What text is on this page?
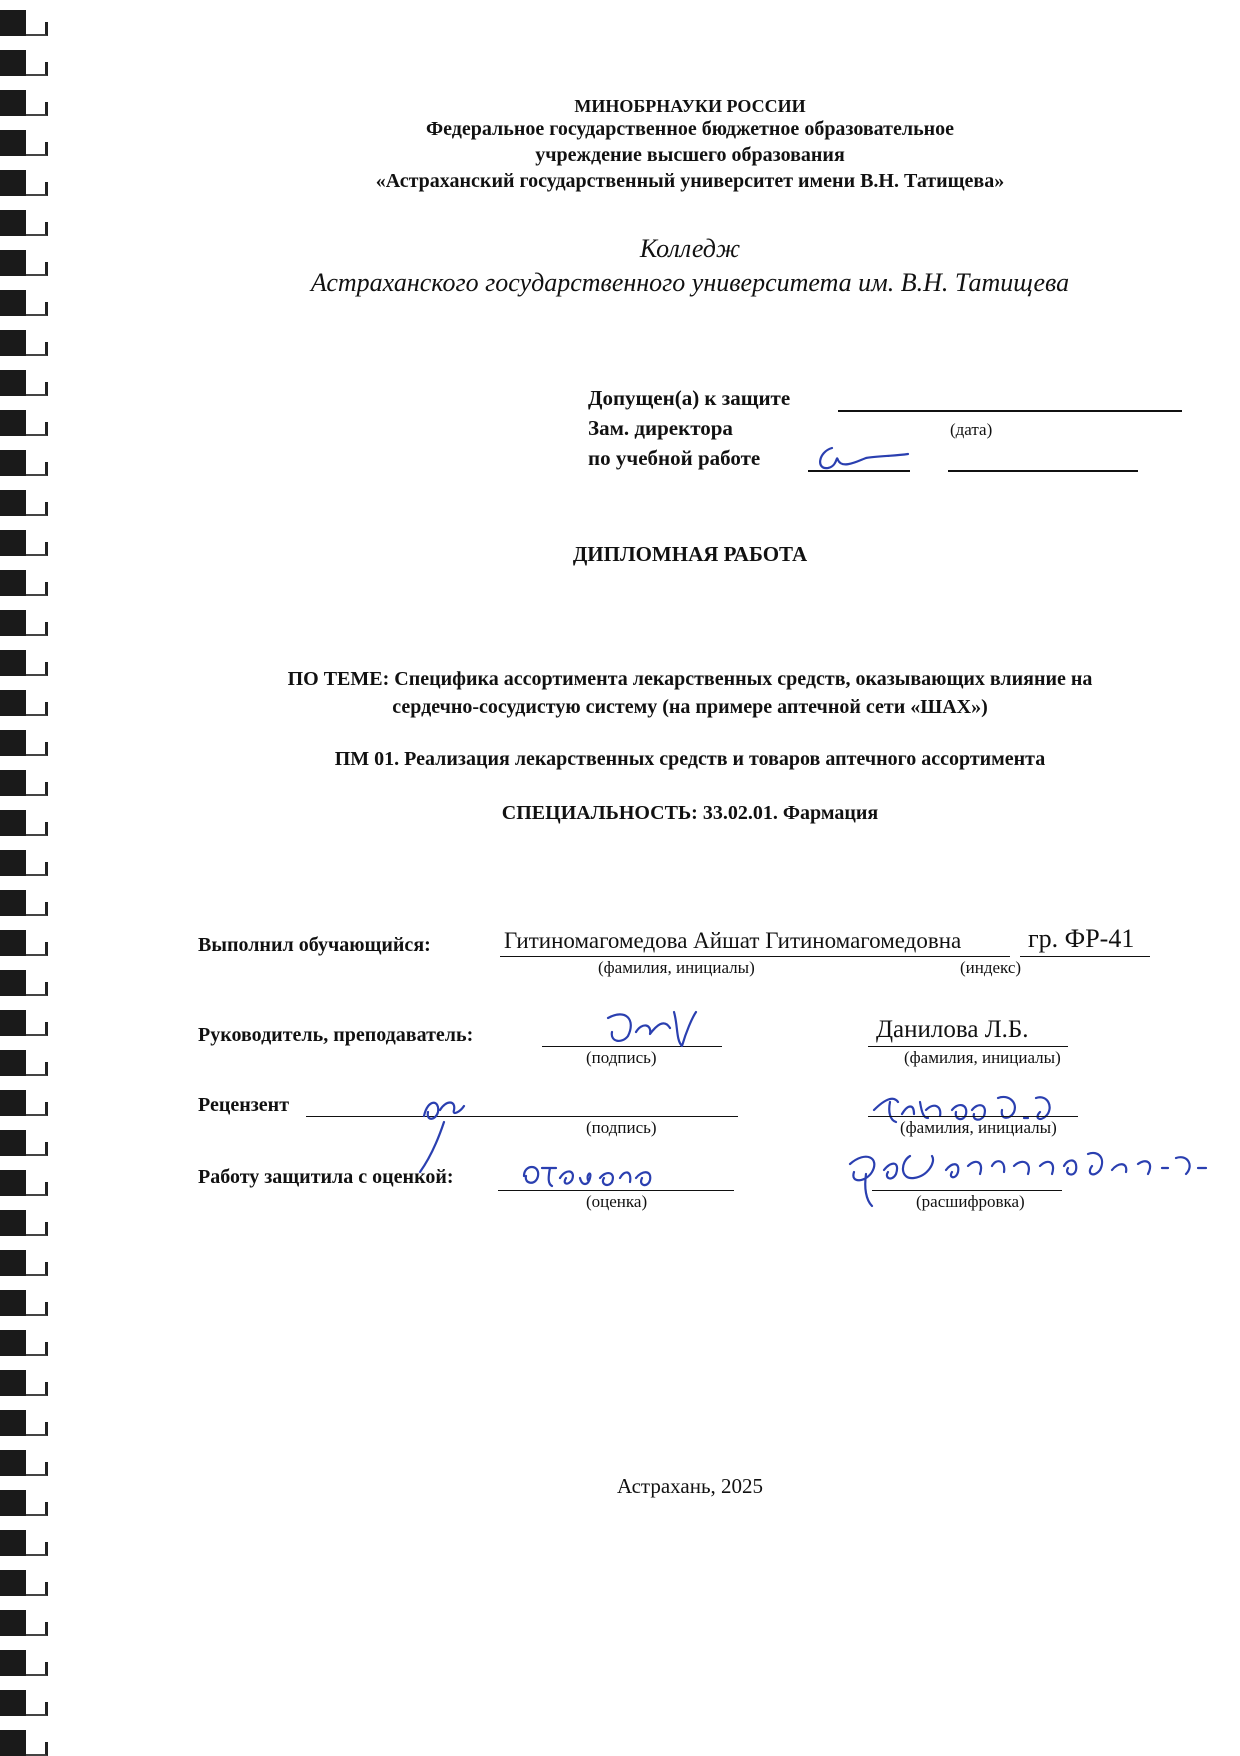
МИНОБРНАУКИ РОССИИ
Федеральное государственное бюджетное образовательное
учреждение высшего образования
«Астраханский государственный университет имени В.Н. Татищева»
Колледж
Астраханского государственного университета им. В.Н. Татищева
Допущен(а) к защите
Зам. директора	(дата)
по учебной работе
ДИПЛОМНАЯ РАБОТА
ПО ТЕМЕ: Специфика ассортимента лекарственных средств, оказывающих влияние на
сердечно-сосудистую систему (на примере аптечной сети «ШАХ»)
ПМ 01. Реализация лекарственных средств и товаров аптечного ассортимента
СПЕЦИАЛЬНОСТЬ: 33.02.01. Фармация
Выполнил обучающийся:	Гитиномагомедова Айшат Гитиномагомедовна	гр. ФР-41
(фамилия, инициалы)	(индекс)
Руководитель, преподаватель:	Данилова Л.Б.
(подпись)	(фамилия, инициалы)
Рецензент
(подпись)	(фамилия, инициалы)
Работу защитила с оценкой:
(оценка)	(расшифровка)
Астрахань, 2025
